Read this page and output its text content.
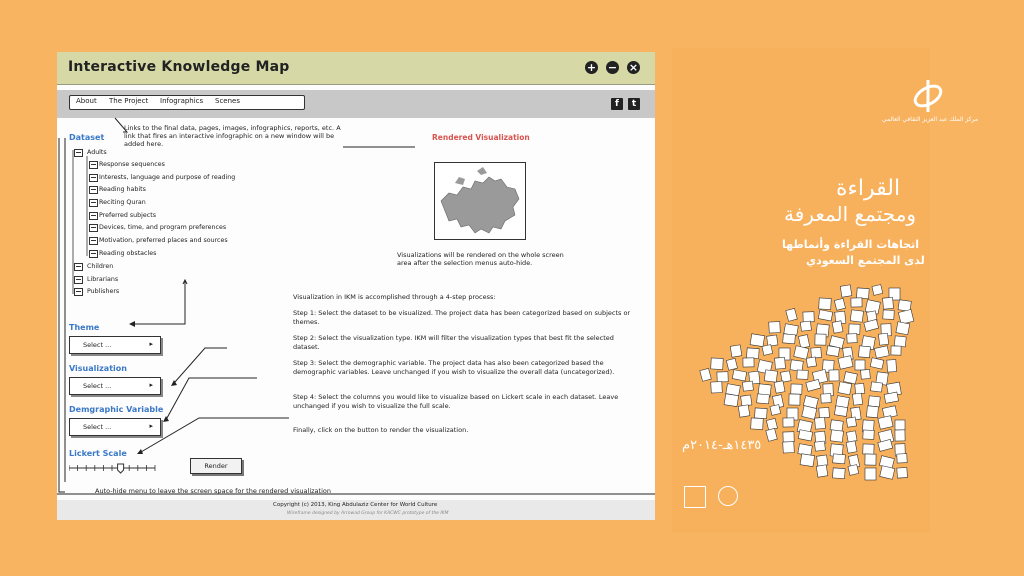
Interactive Knowledge Map	+ − ×
About The Project Infographics Scenes	f	t
Links to the final data, pages, images, infographics, reports, etc. A link that fires an interactive infographic on a new window will be added here.
Dataset
Adults
Response sequences
Interests, language and purpose of reading
Reading habits
Reciting Quran
Preferred subjects
Devices, time, and program preferences
Motivation, preferred places and sources
Reading obstacles
Children
Librarians
Publishers
Theme
Select ...	▸
Visualization
Select ...	▸
Demgraphic Variable
Select ...	▸
Lickert Scale
Render
Rendered Visualization
Visualizations will be rendered on the whole screen area after the selection menus auto-hide.
Visualization in IKM is accomplished through a 4-step process:
Step 1: Select the dataset to be visualized. The project data has been categorized based on subjects or themes.
Step 2: Select the visualization type. IKM will filter the visualization types that best fit the selected dataset.
Step 3: Select the demographic variable. The project data has also been categorized based the demographic variables. Leave unchanged if you wish to visualize the overall data (uncategorized).
Step 4: Select the columns you would like to visualize based on Lickert scale in each dataset. Leave unchanged if you wish to visualize the full scale.
Finally, click on the button to render the visualization.
Auto-hide menu to leave the screen space for the rendered visualization
Copyright (c) 2013, King Abdulaziz Center for World Culture
Wireframe designed by Arrowad Group for KACWC prototype of the IKM
مركز الملك عبد العزيز الثقافي العالمي
القراءة
ومجتمع المعرفة
اتجاهات القراءة وأنماطها
لدى المجتمع السعودي
١٤٣٥هـ-٢٠١٤م
